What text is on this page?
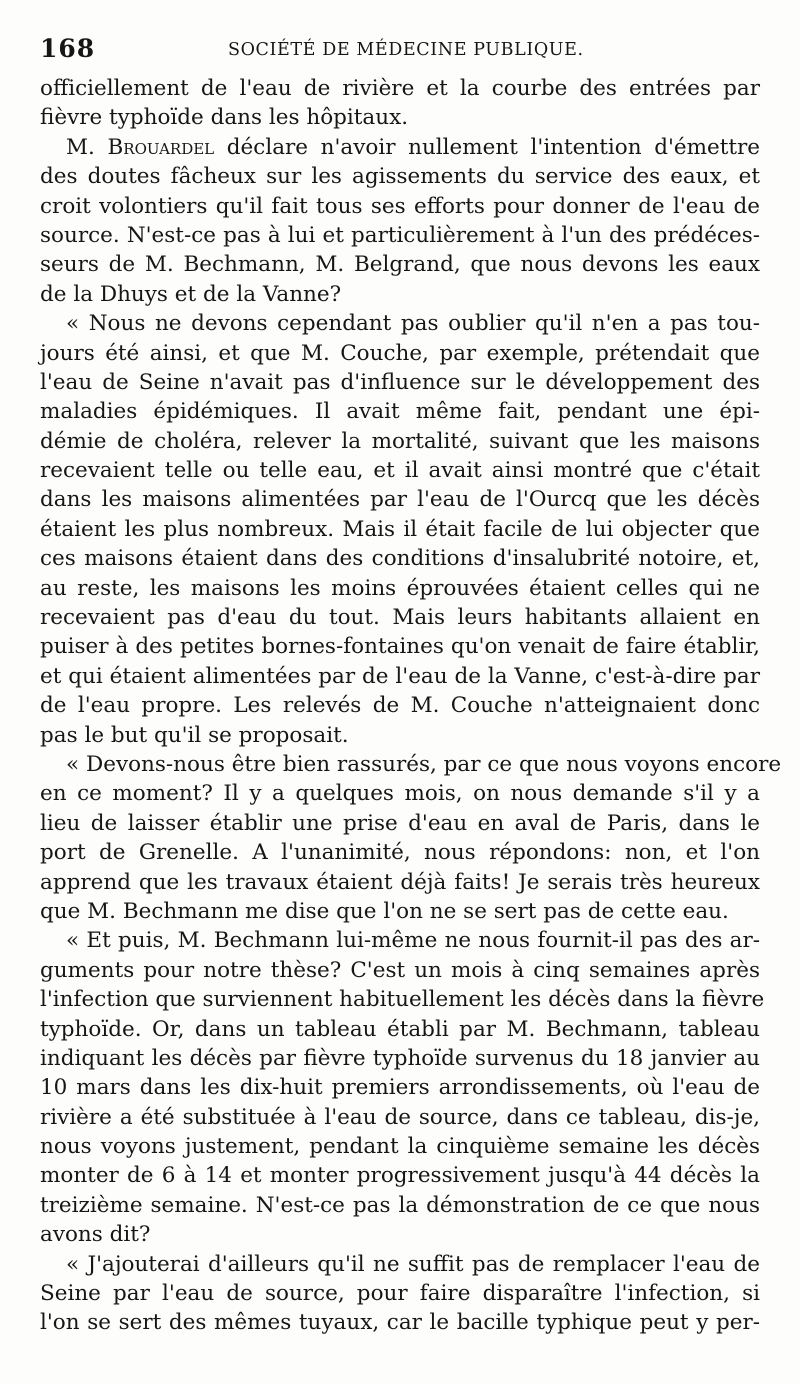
168	SOCIÉTÉ DE MÉDECINE PUBLIQUE.
officiellement de l'eau de rivière et la courbe des entrées par
fièvre typhoïde dans les hôpitaux.
M. Brouardel déclare n'avoir nullement l'intention d'émettre
des doutes fâcheux sur les agissements du service des eaux, et
croit volontiers qu'il fait tous ses efforts pour donner de l'eau de
source. N'est-ce pas à lui et particulièrement à l'un des prédéces-
seurs de M. Bechmann, M. Belgrand, que nous devons les eaux
de la Dhuys et de la Vanne?
« Nous ne devons cependant pas oublier qu'il n'en a pas tou-
jours été ainsi, et que M. Couche, par exemple, prétendait que
l'eau de Seine n'avait pas d'influence sur le développement des
maladies épidémiques. Il avait même fait, pendant une épi-
démie de choléra, relever la mortalité, suivant que les maisons
recevaient telle ou telle eau, et il avait ainsi montré que c'était
dans les maisons alimentées par l'eau de l'Ourcq que les décès
étaient les plus nombreux. Mais il était facile de lui objecter que
ces maisons étaient dans des conditions d'insalubrité notoire, et,
au reste, les maisons les moins éprouvées étaient celles qui ne
recevaient pas d'eau du tout. Mais leurs habitants allaient en
puiser à des petites bornes-fontaines qu'on venait de faire établir,
et qui étaient alimentées par de l'eau de la Vanne, c'est-à-dire par
de l'eau propre. Les relevés de M. Couche n'atteignaient donc
pas le but qu'il se proposait.
« Devons-nous être bien rassurés, par ce que nous voyons encore
en ce moment? Il y a quelques mois, on nous demande s'il y a
lieu de laisser établir une prise d'eau en aval de Paris, dans le
port de Grenelle. A l'unanimité, nous répondons: non, et l'on
apprend que les travaux étaient déjà faits! Je serais très heureux
que M. Bechmann me dise que l'on ne se sert pas de cette eau.
« Et puis, M. Bechmann lui-même ne nous fournit-il pas des ar-
guments pour notre thèse? C'est un mois à cinq semaines après
l'infection que surviennent habituellement les décès dans la fièvre
typhoïde. Or, dans un tableau établi par M. Bechmann, tableau
indiquant les décès par fièvre typhoïde survenus du 18 janvier au
10 mars dans les dix-huit premiers arrondissements, où l'eau de
rivière a été substituée à l'eau de source, dans ce tableau, dis-je,
nous voyons justement, pendant la cinquième semaine les décès
monter de 6 à 14 et monter progressivement jusqu'à 44 décès la
treizième semaine. N'est-ce pas la démonstration de ce que nous
avons dit?
« J'ajouterai d'ailleurs qu'il ne suffit pas de remplacer l'eau de
Seine par l'eau de source, pour faire disparaître l'infection, si
l'on se sert des mêmes tuyaux, car le bacille typhique peut y per-
